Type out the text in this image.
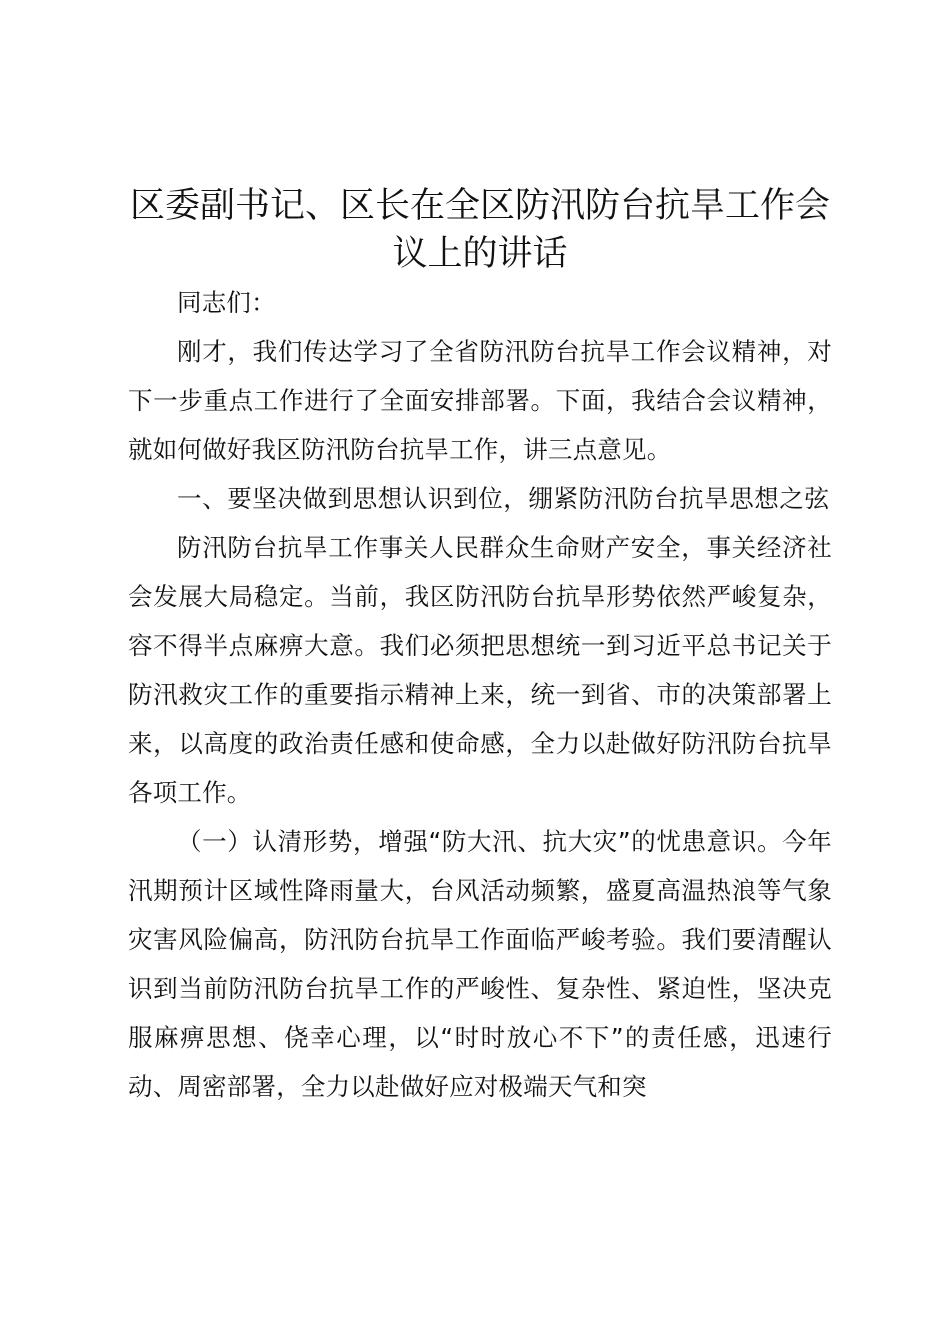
区委副书记、区长在全区防汛防台抗旱工作会议上的讲话

同志们：

刚才，我们传达学习了全省防汛防台抗旱工作会议精神，对下一步重点工作进行了全面安排部署。下面，我结合会议精神，就如何做好我区防汛防台抗旱工作，讲三点意见。

一、要坚决做到思想认识到位，绷紧防汛防台抗旱思想之弦

防汛防台抗旱工作事关人民群众生命财产安全，事关经济社会发展大局稳定。当前，我区防汛防台抗旱形势依然严峻复杂，容不得半点麻痹大意。我们必须把思想统一到习近平总书记关于防汛救灾工作的重要指示精神上来，统一到省、市的决策部署上来，以高度的政治责任感和使命感，全力以赴做好防汛防台抗旱各项工作。

（一）认清形势，增强“防大汛、抗大灾”的忧患意识。今年汛期预计区域性降雨量大，台风活动频繁，盛夏高温热浪等气象灾害风险偏高，防汛防台抗旱工作面临严峻考验。我们要清醒认识到当前防汛防台抗旱工作的严峻性、复杂性、紧迫性，坚决克服麻痹思想、侥幸心理，以“时时放心不下”的责任感，迅速行动、周密部署，全力以赴做好应对极端天气和突
